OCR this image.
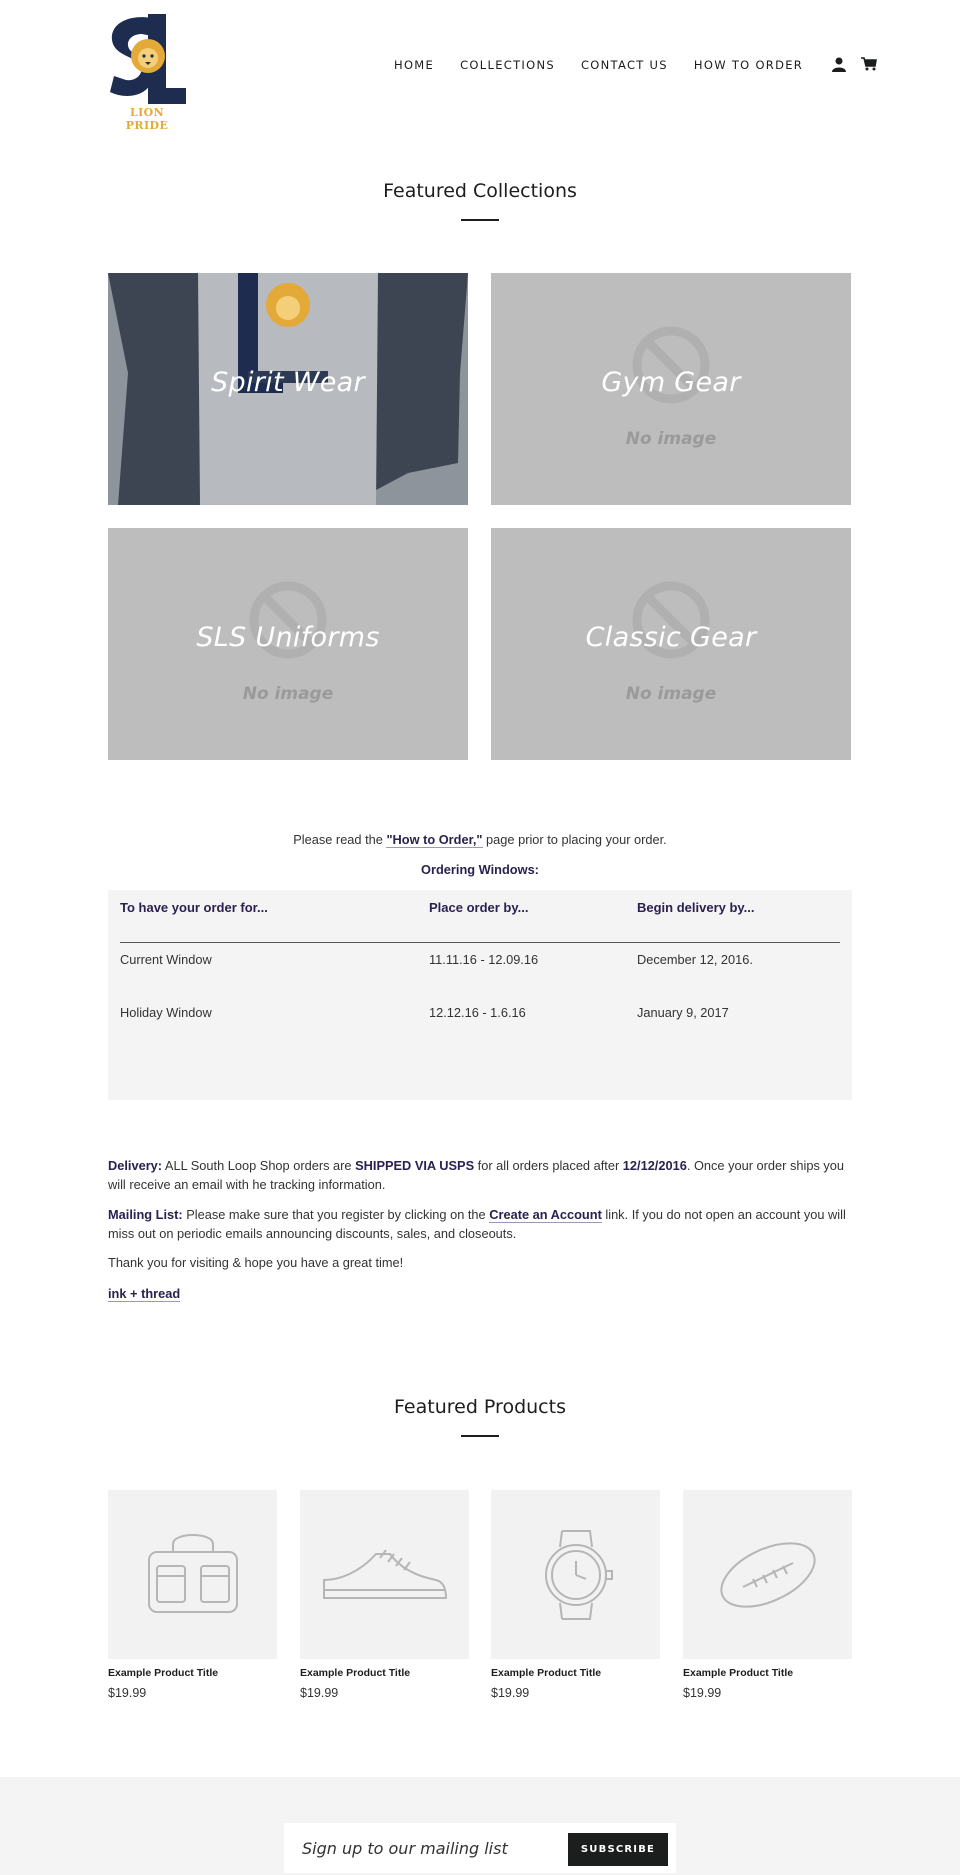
LION PRIDE
HOME COLLECTIONS CONTACT US HOW TO ORDER
Featured Collections
Spirit Wear	Gym Gear
No image
SLS Uniforms
No image
Classic Gear
No image
Please read the "How to Order," page prior to placing your order.
Ordering Windows:
To have your order for...	Place order by...	Begin delivery by...
Current Window	11.11.16 - 12.09.16	December 12, 2016.
Holiday Window	12.12.16 - 1.6.16	January 9, 2017
Delivery: ALL South Loop Shop orders are SHIPPED VIA USPS for all orders placed after 12/12/2016. Once your order ships you will receive an email with he tracking information.
Mailing List: Please make sure that you register by clicking on the Create an Account link. If you do not open an account you will miss out on periodic emails announcing discounts, sales, and closeouts.
Thank you for visiting & hope you have a great time!
ink + thread
Featured Products
Example Product Title
$19.99
Example Product Title
$19.99
Example Product Title
$19.99
Example Product Title
$19.99
Sign up to our mailing list
SUBSCRIBE
